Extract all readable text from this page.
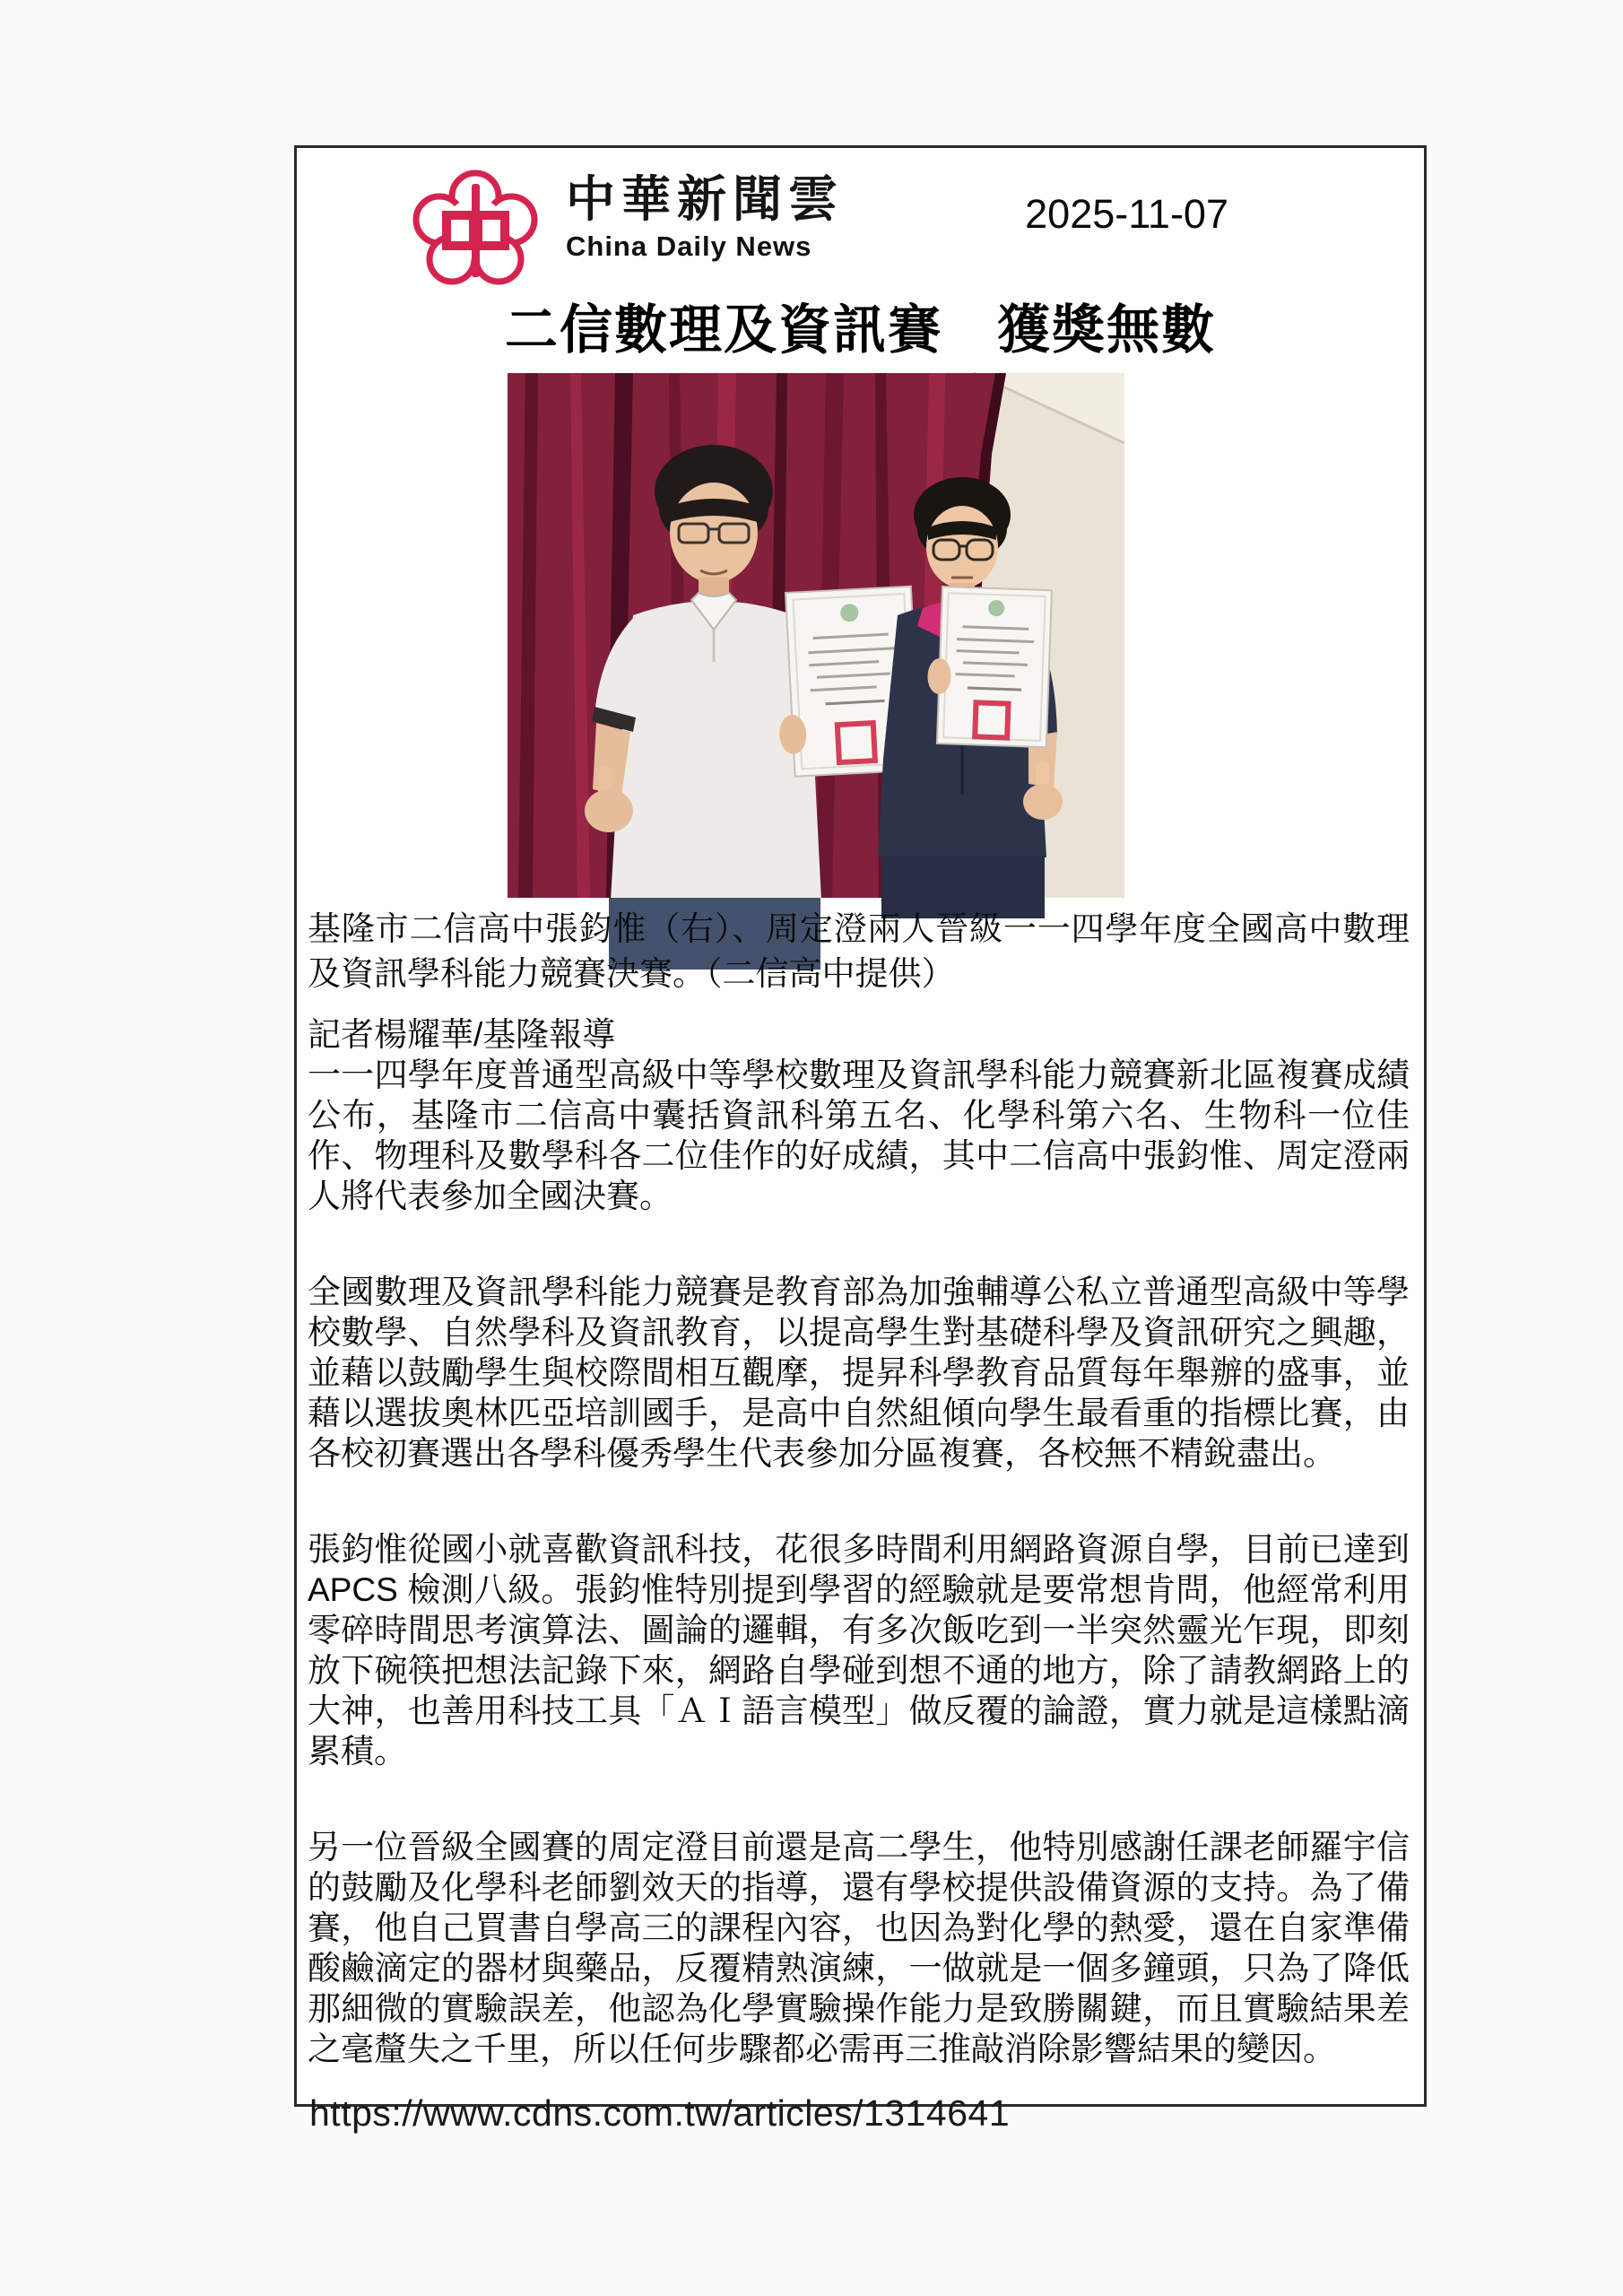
中華新聞雲
China Daily News
2025-11-07
二信數理及資訊賽　獲獎無數

基隆市二信高中張鈞惟（右）、周定澄兩人晉級一一四學年度全國高中數理及資訊學科能力競賽決賽。（二信高中提供）

記者楊耀華/基隆報導

一一四學年度普通型高級中等學校數理及資訊學科能力競賽新北區複賽成績公布，基隆市二信高中囊括資訊科第五名、化學科第六名、生物科一位佳作、物理科及數學科各二位佳作的好成績，其中二信高中張鈞惟、周定澄兩人將代表參加全國決賽。

全國數理及資訊學科能力競賽是教育部為加強輔導公私立普通型高級中等學校數學、自然學科及資訊教育，以提高學生對基礎科學及資訊研究之興趣，並藉以鼓勵學生與校際間相互觀摩，提昇科學教育品質每年舉辦的盛事，並藉以選拔奧林匹亞培訓國手，是高中自然組傾向學生最看重的指標比賽，由各校初賽選出各學科優秀學生代表參加分區複賽，各校無不精銳盡出。

張鈞惟從國小就喜歡資訊科技，花很多時間利用網路資源自學，目前已達到APCS 檢測八級。張鈞惟特別提到學習的經驗就是要常想肯問，他經常利用零碎時間思考演算法、圖論的邏輯，有多次飯吃到一半突然靈光乍現，即刻放下碗筷把想法記錄下來，網路自學碰到想不通的地方，除了請教網路上的大神，也善用科技工具「ＡＩ語言模型」做反覆的論證，實力就是這樣點滴累積。

另一位晉級全國賽的周定澄目前還是高二學生，他特別感謝任課老師羅宇信的鼓勵及化學科老師劉效天的指導，還有學校提供設備資源的支持。為了備賽，他自己買書自學高三的課程內容，也因為對化學的熱愛，還在自家準備酸鹼滴定的器材與藥品，反覆精熟演練，一做就是一個多鐘頭，只為了降低那細微的實驗誤差，他認為化學實驗操作能力是致勝關鍵，而且實驗結果差之毫釐失之千里，所以任何步驟都必需再三推敲消除影響結果的變因。

https://www.cdns.com.tw/articles/1314641
